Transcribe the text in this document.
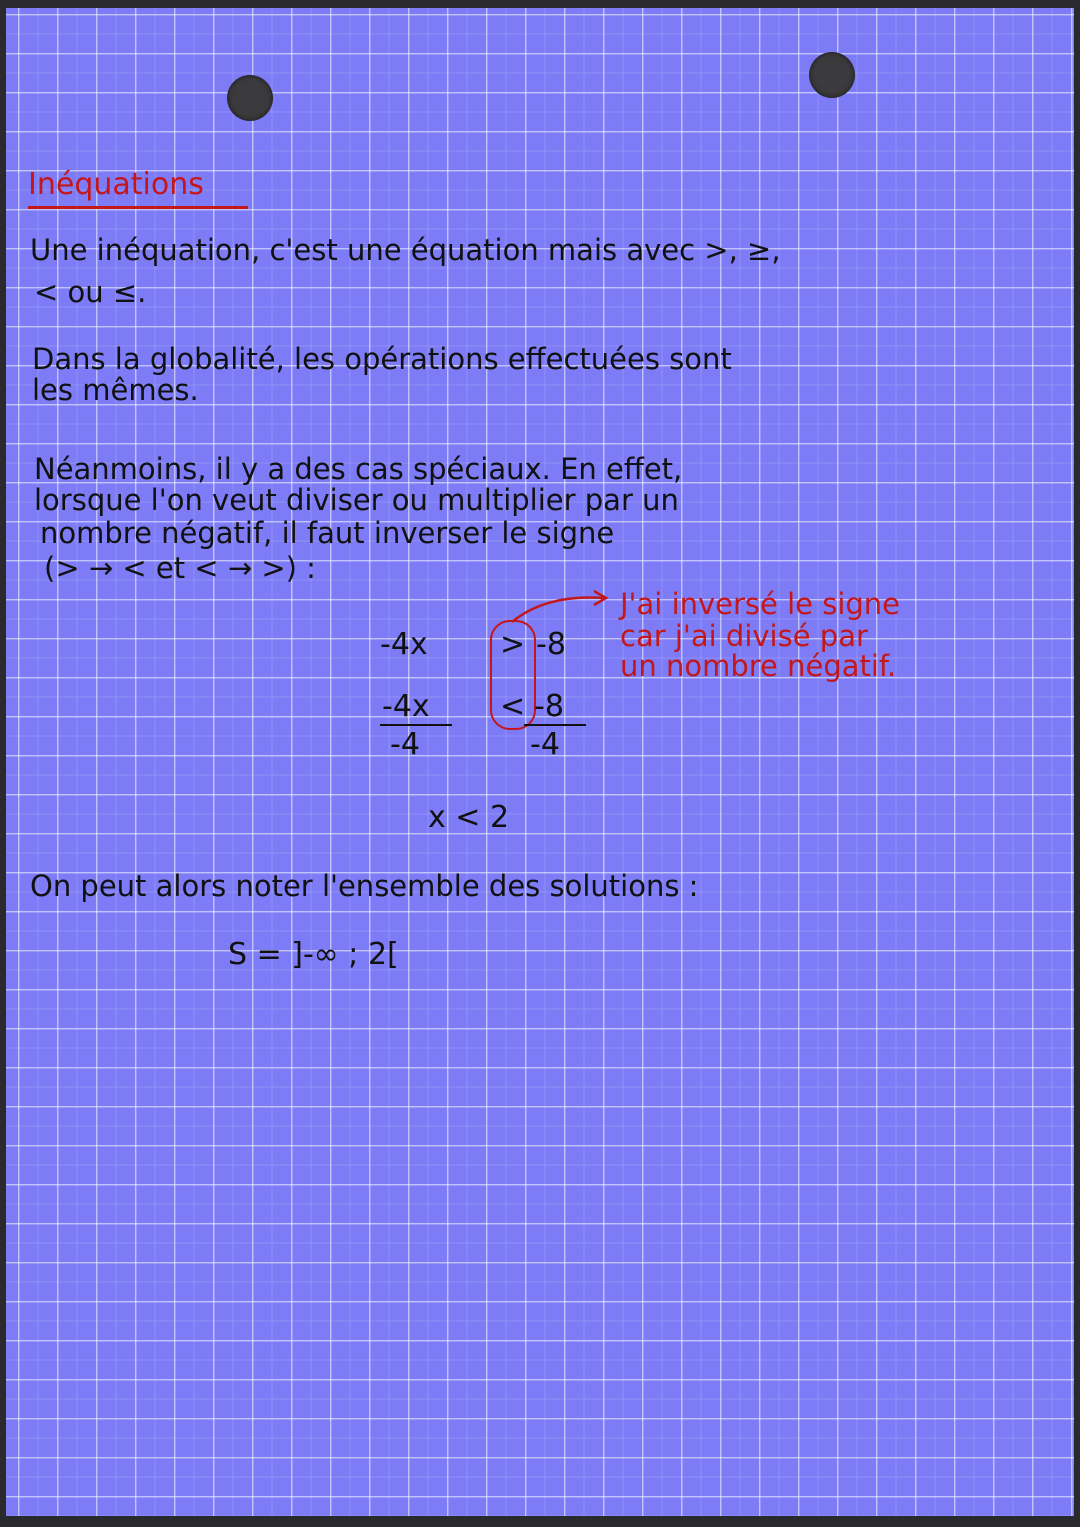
Inéquations
Une inéquation, c'est une équation mais avec >, ≥,
< ou ≤.
Dans la globalité, les opérations effectuées sont
les mêmes.
Néanmoins, il y a des cas spéciaux. En effet,
lorsque l'on veut diviser ou multiplier par un
nombre négatif, il faut inverser le signe
(> → < et < → >) :
-4x > -8
-4x < -8
-4	-4
x < 2
J'ai inversé le signe
car j'ai divisé par
un nombre négatif.
On peut alors noter l'ensemble des solutions :
S = ]-∞ ; 2[
